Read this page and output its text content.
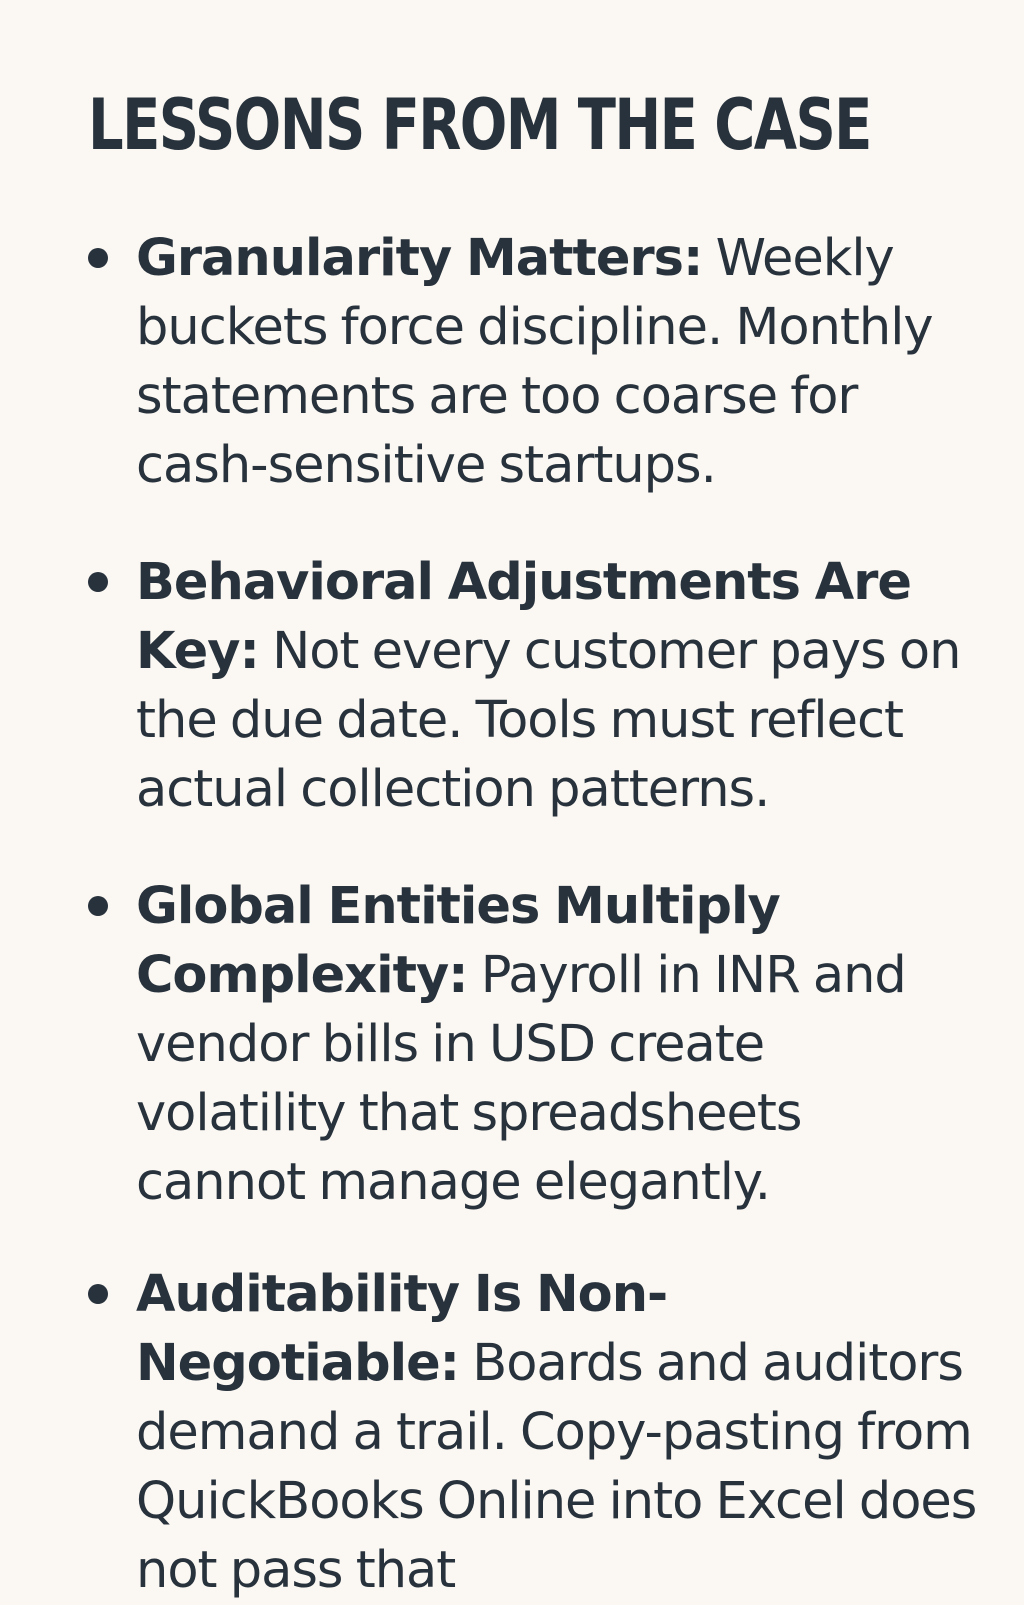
LESSONS FROM THE CASE
Granularity Matters: Weekly buckets force discipline. Monthly statements are too coarse for cash-sensitive startups.
Behavioral Adjustments Are Key: Not every customer pays on the due date. Tools must reflect actual collection patterns.
Global Entities Multiply Complexity: Payroll in INR and vendor bills in USD create volatility that spreadsheets cannot manage elegantly.
Auditability Is Non-Negotiable: Boards and auditors demand a trail. Copy-pasting from QuickBooks Online into Excel does not pass that
